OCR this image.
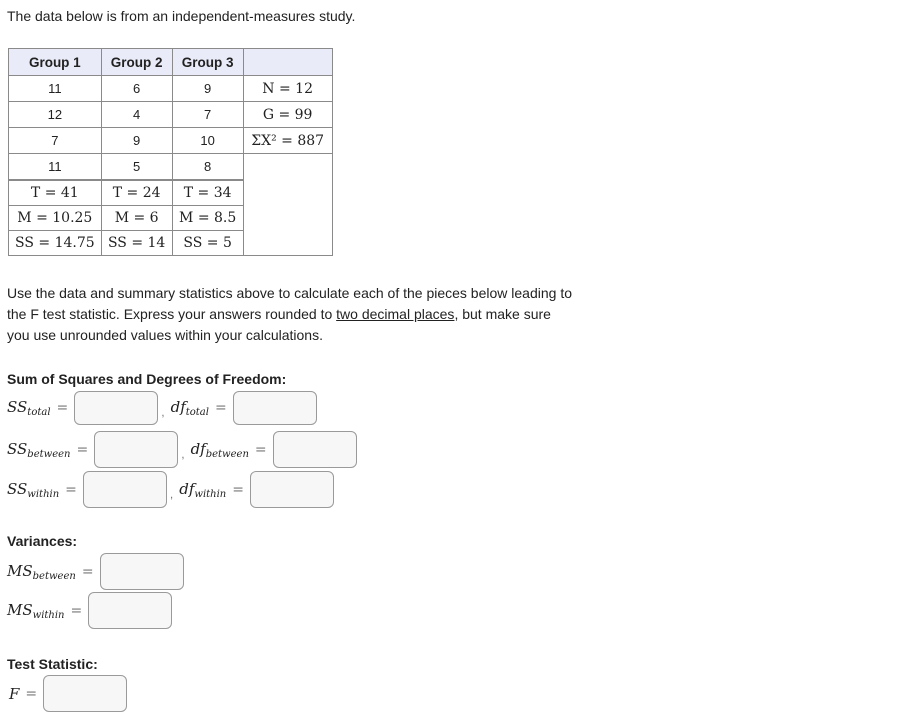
The data below is from an independent-measures study.
Group 1	Group 2	Group 3	
11	6	9	N = 12
12	4	7	G = 99
7	9	10	ΣX² = 887
11	5	8	
T = 41	T = 24	T = 34	
M = 10.25	M = 6	M = 8.5	
SS = 14.75	SS = 14	SS = 5	
Use the data and summary statistics above to calculate each of the pieces below leading to the F test statistic. Express your answers rounded to two decimal places, but make sure you use unrounded values within your calculations.
Sum of Squares and Degrees of Freedom:
$SS_{total}$ =	, $df_{total}$ =
$SS_{between}$ =	, $df_{between}$ =
$SS_{within}$ =	, $df_{within}$ =
Variances:
$MS_{between}$ =
$MS_{within}$ =
Test Statistic:
F =
